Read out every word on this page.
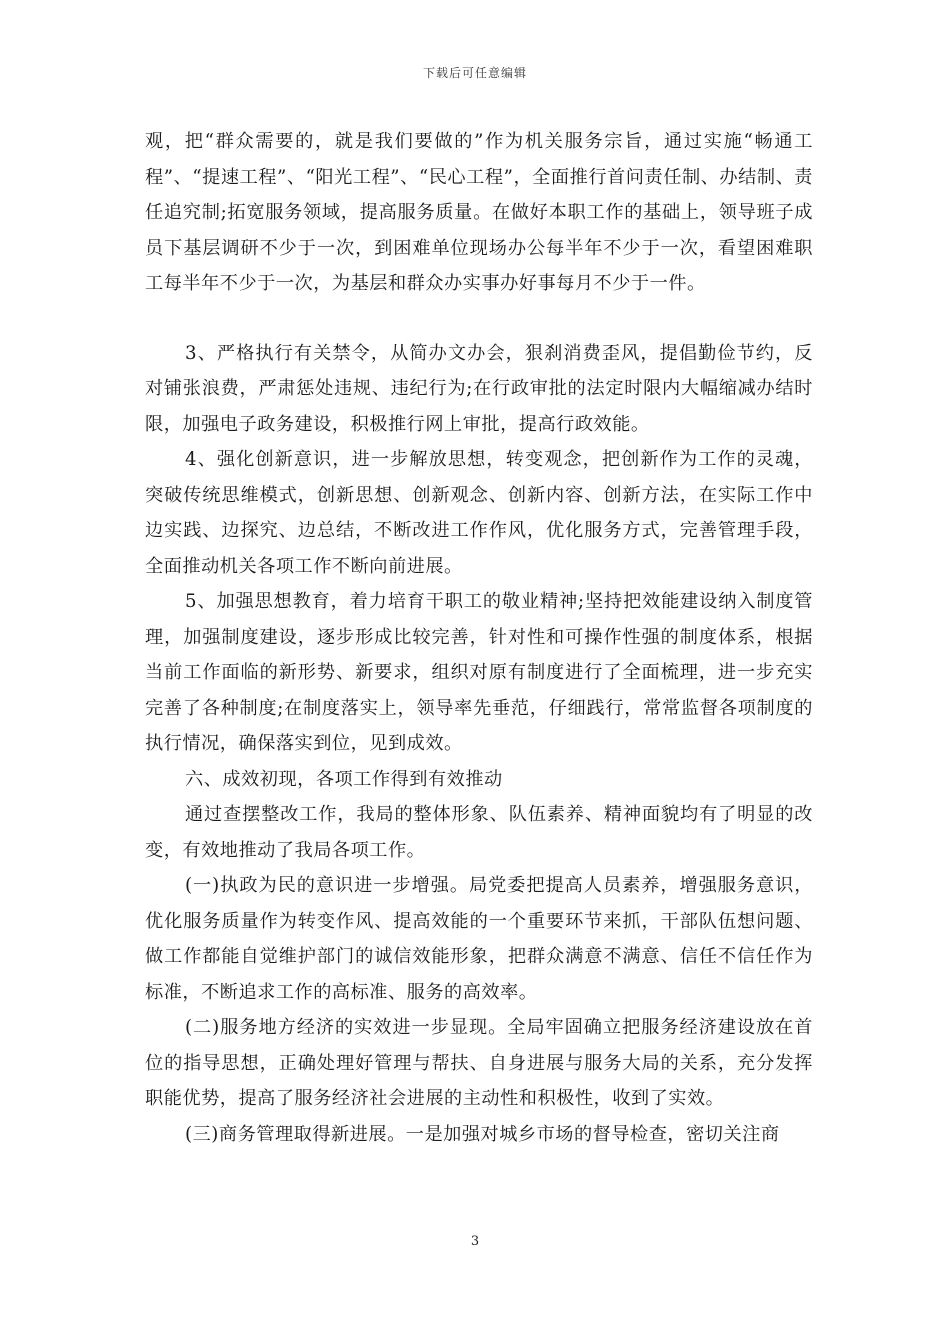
下载后可任意编辑

观，把“群众需要的，就是我们要做的”作为机关服务宗旨，通过实施“畅通工程”、“提速工程”、“阳光工程”、“民心工程”，全面推行首问责任制、办结制、责任追究制;拓宽服务领域，提高服务质量。在做好本职工作的基础上，领导班子成员下基层调研不少于一次，到困难单位现场办公每半年不少于一次，看望困难职工每半年不少于一次，为基层和群众办实事办好事每月不少于一件。

3、严格执行有关禁令，从简办文办会，狠刹消费歪风，提倡勤俭节约，反对铺张浪费，严肃惩处违规、违纪行为;在行政审批的法定时限内大幅缩减办结时限，加强电子政务建设，积极推行网上审批，提高行政效能。

4、强化创新意识，进一步解放思想，转变观念，把创新作为工作的灵魂，突破传统思维模式，创新思想、创新观念、创新内容、创新方法，在实际工作中边实践、边探究、边总结，不断改进工作作风，优化服务方式，完善管理手段，全面推动机关各项工作不断向前进展。

5、加强思想教育，着力培育干职工的敬业精神;坚持把效能建设纳入制度管理，加强制度建设，逐步形成比较完善，针对性和可操作性强的制度体系，根据当前工作面临的新形势、新要求，组织对原有制度进行了全面梳理，进一步充实完善了各种制度;在制度落实上，领导率先垂范，仔细践行，常常监督各项制度的执行情况，确保落实到位，见到成效。

六、成效初现，各项工作得到有效推动

通过查摆整改工作，我局的整体形象、队伍素养、精神面貌均有了明显的改变，有效地推动了我局各项工作。

(一)执政为民的意识进一步增强。局党委把提高人员素养，增强服务意识，优化服务质量作为转变作风、提高效能的一个重要环节来抓，干部队伍想问题、做工作都能自觉维护部门的诚信效能形象，把群众满意不满意、信任不信任作为标准，不断追求工作的高标准、服务的高效率。

(二)服务地方经济的实效进一步显现。全局牢固确立把服务经济建设放在首位的指导思想，正确处理好管理与帮扶、自身进展与服务大局的关系，充分发挥职能优势，提高了服务经济社会进展的主动性和积极性，收到了实效。

(三)商务管理取得新进展。一是加强对城乡市场的督导检查，密切关注商

3
